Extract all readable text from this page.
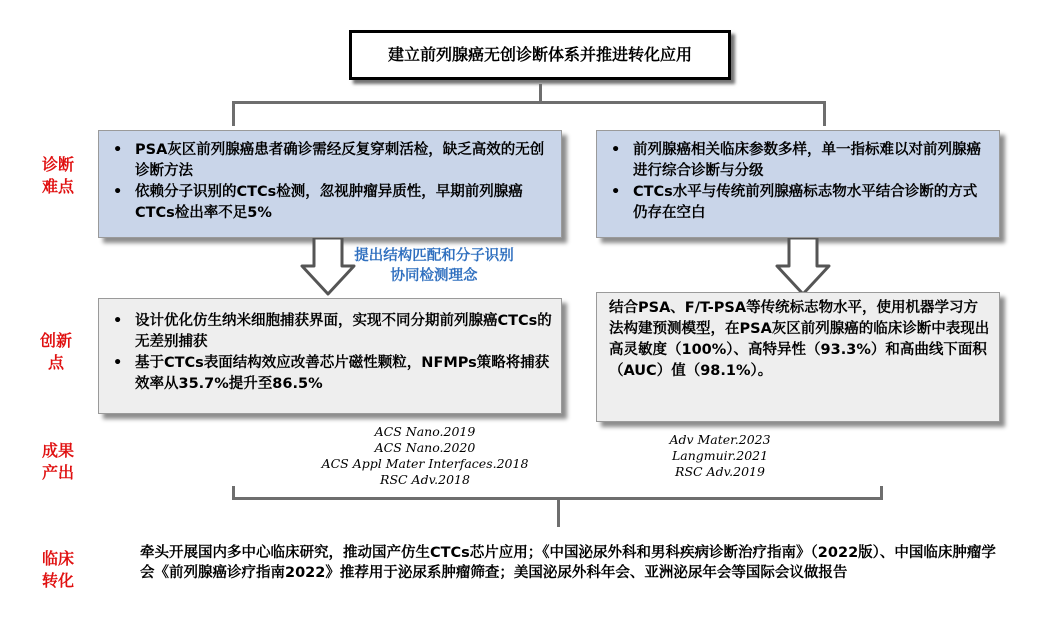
建立前列腺癌无创诊断体系并推进转化应用
诊断难点
创新点
成果产出
临床转化
• PSA灰区前列腺癌患者确诊需经反复穿刺活检，缺乏高效的无创诊断方法
• 依赖分子识别的CTCs检测，忽视肿瘤异质性，早期前列腺癌CTCs检出率不足5%
• 前列腺癌相关临床参数多样，单一指标难以对前列腺癌进行综合诊断与分级
• CTCs水平与传统前列腺癌标志物水平结合诊断的方式仍存在空白
提出结构匹配和分子识别协同检测理念
• 设计优化仿生纳米细胞捕获界面，实现不同分期前列腺癌CTCs的无差别捕获
• 基于CTCs表面结构效应改善芯片磁性颗粒，NFMPs策略将捕获效率从35.7%提升至86.5%
结合PSA、F/T-PSA等传统标志物水平，使用机器学习方法构建预测模型，在PSA灰区前列腺癌的临床诊断中表现出高灵敏度（100%）、高特异性（93.3%）和高曲线下面积（AUC）值（98.1%）。
ACS Nano.2019
ACS Nano.2020
ACS Appl Mater Interfaces.2018
RSC Adv.2018
Adv Mater.2023
Langmuir.2021
RSC Adv.2019
牵头开展国内多中心临床研究，推动国产仿生CTCs芯片应用；《中国泌尿外科和男科疾病诊断治疗指南》（2022版）、中国临床肿瘤学会《前列腺癌诊疗指南2022》推荐用于泌尿系肿瘤筛查；美国泌尿外科年会、亚洲泌尿年会等国际会议做报告
